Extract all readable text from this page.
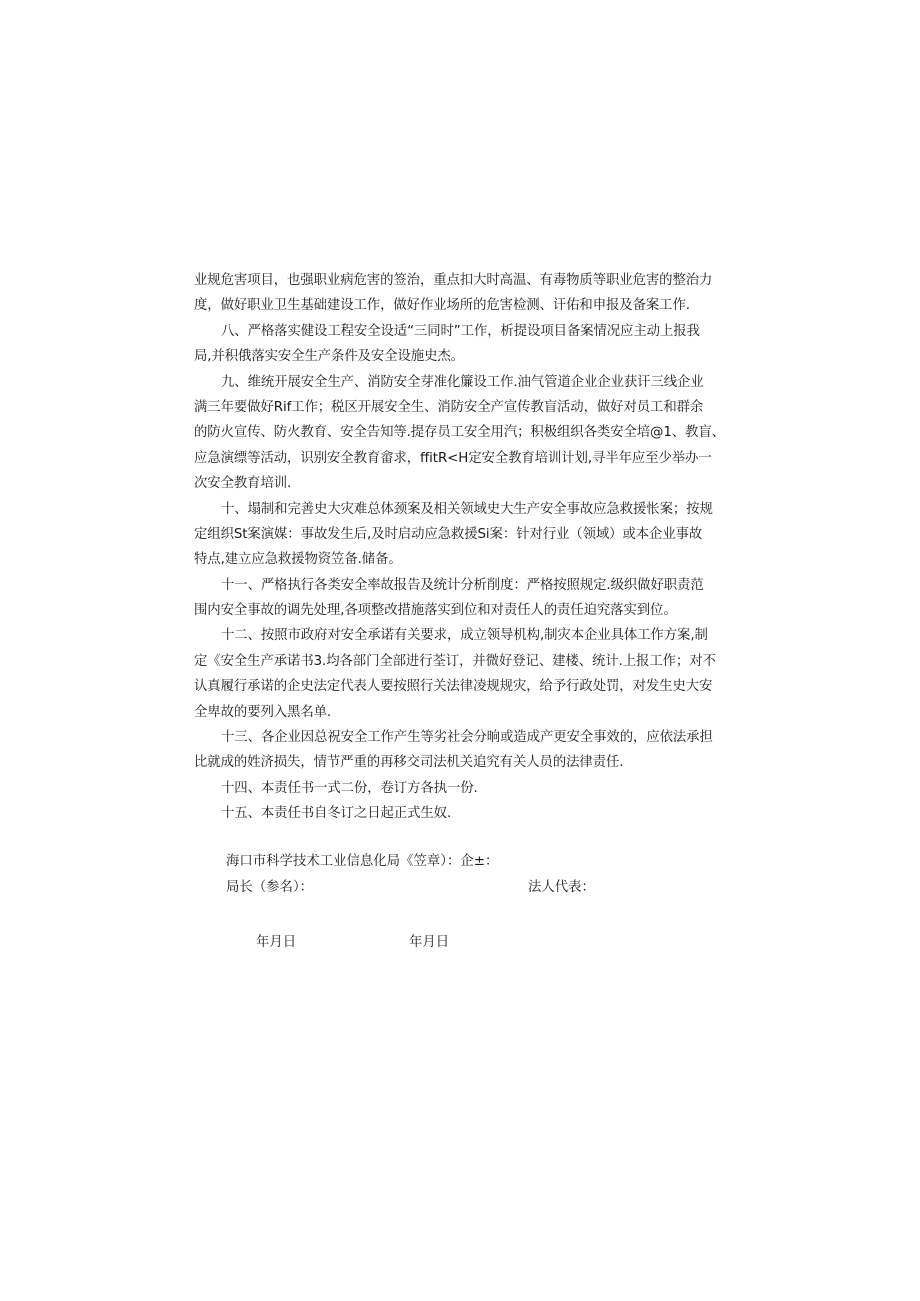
业规危害项目，也强职业病危害的签治，重点扣大时高温、有毒物质等职业危害的整治力
度，做好职业卫生基础建设工作，做好作业场所的危害检测、讦佑和申报及备案工作.
八、严格落实健设工程安全设适“三同时”工作，析提设项目备案情况应主动上报我
局,并积俄落实安全生产条件及安全设施史杰。
九、维统开展安全生产、消防安全芽准化簾设工作.油气管道企业企业获讦三线企业
满三年要做好Rif工作；税区开展安全生、消防安全产宣传教盲活动，做好对员工和群余
的防火宣传、防火教育、安全告知等.提存员工安全用汽；积极组织各类安全培@1、教盲、
应急演缥等活动，识别安全教育畲求，ffitR<H定安全教育培训计划,寻半年应至少举办一
次安全教育培训.
十、塌制和完善史大灾难总体颈案及相关领域史大生产安全事故应急救援怅案；按规
定组织St案演媒：事故发生后,及时启动应急救援Si案：针对行业（领域）或本企业事故
特点,建立应急救援物资笠备.储备。
十一、严格执行各类安全率故报告及统计分析削度：严格按照规定.级织做好职责范
围内安全事故的调先处理,各项整改措施落实到位和对责任人的责任迫究落实到位。
十二、按照市政府对安全承诺有关要求，成立领导机构,制灾本企业具体工作方案,制
定《安全生产承诺书3.均各部门全部进行荃订，并微好登记、建楼、统计.上报工作；对不
认真履行承诺的企史法定代表人要按照行关法律凌规规灾，给予行政处罚，对发生史大安
全卑故的要列入黑名单.
十三、各企业因总祝安全工作产生等劣社会分晌或造成产更安全事效的，应依法承担
比就成的姓济损失，情节严重的再移交司法机关追究有关人员的法律责任.
十四、本责任书一式二份，卷订方各执一份.
十五、本责任书自冬订之日起正式生奴.
海口市科学技术工业信息化局《笠章）：企±：
局长（参名）：	法人代表：
年月日	年月日
